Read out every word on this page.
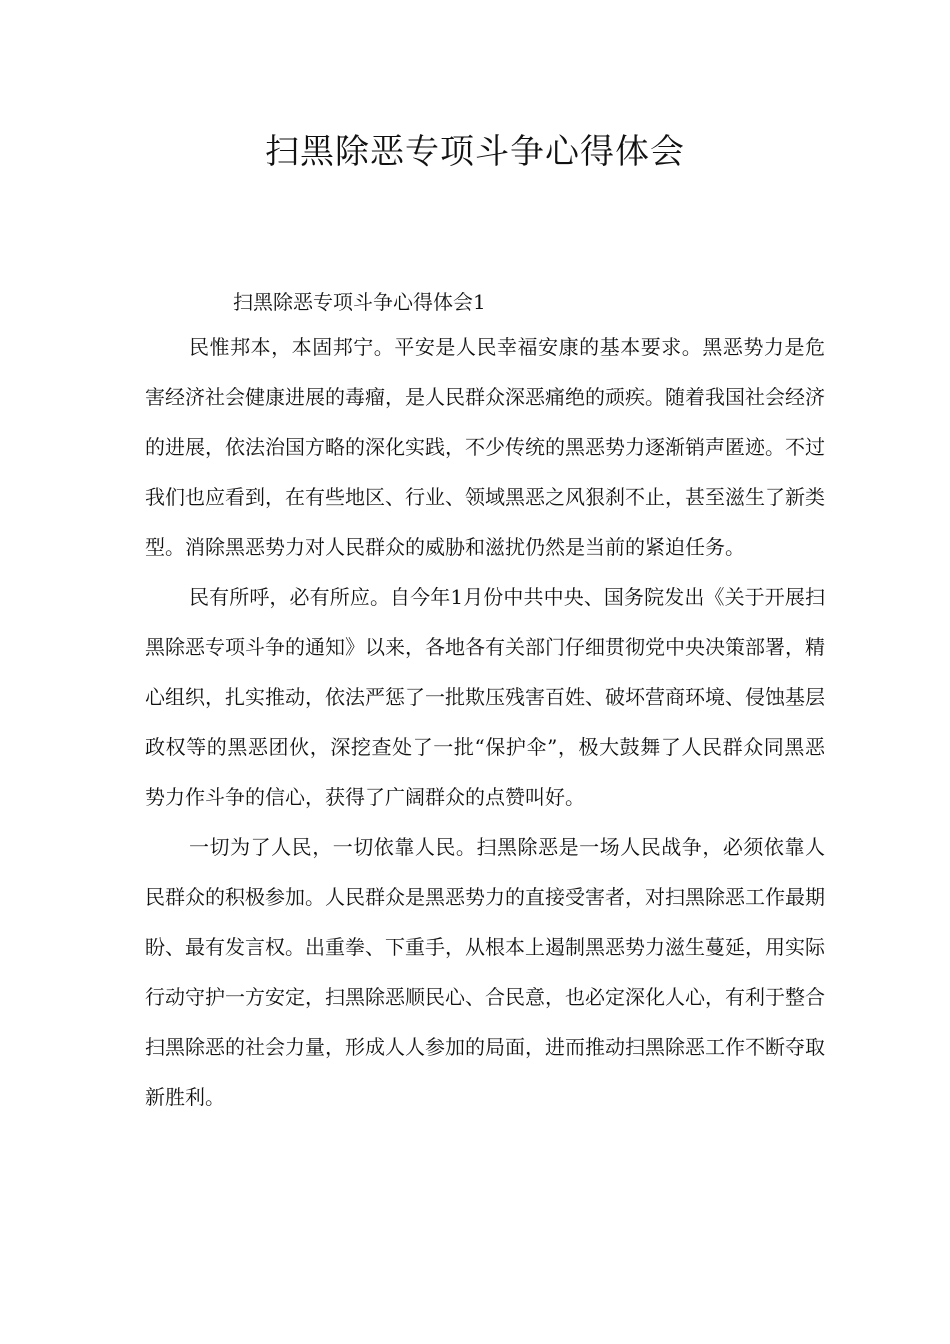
扫黑除恶专项斗争心得体会

扫黑除恶专项斗争心得体会1

民惟邦本，本固邦宁。平安是人民幸福安康的基本要求。黑恶势力是危害经济社会健康进展的毒瘤，是人民群众深恶痛绝的顽疾。随着我国社会经济的进展，依法治国方略的深化实践，不少传统的黑恶势力逐渐销声匿迹。不过我们也应看到，在有些地区、行业、领域黑恶之风狠刹不止，甚至滋生了新类型。消除黑恶势力对人民群众的威胁和滋扰仍然是当前的紧迫任务。

民有所呼，必有所应。自今年1月份中共中央、国务院发出《关于开展扫黑除恶专项斗争的通知》以来，各地各有关部门仔细贯彻党中央决策部署，精心组织，扎实推动，依法严惩了一批欺压残害百姓、破坏营商环境、侵蚀基层政权等的黑恶团伙，深挖查处了一批“保护伞”，极大鼓舞了人民群众同黑恶势力作斗争的信心，获得了广阔群众的点赞叫好。

一切为了人民，一切依靠人民。扫黑除恶是一场人民战争，必须依靠人民群众的积极参加。人民群众是黑恶势力的直接受害者，对扫黑除恶工作最期盼、最有发言权。出重拳、下重手，从根本上遏制黑恶势力滋生蔓延，用实际行动守护一方安定，扫黑除恶顺民心、合民意，也必定深化人心，有利于整合扫黑除恶的社会力量，形成人人参加的局面，进而推动扫黑除恶工作不断夺取新胜利。
